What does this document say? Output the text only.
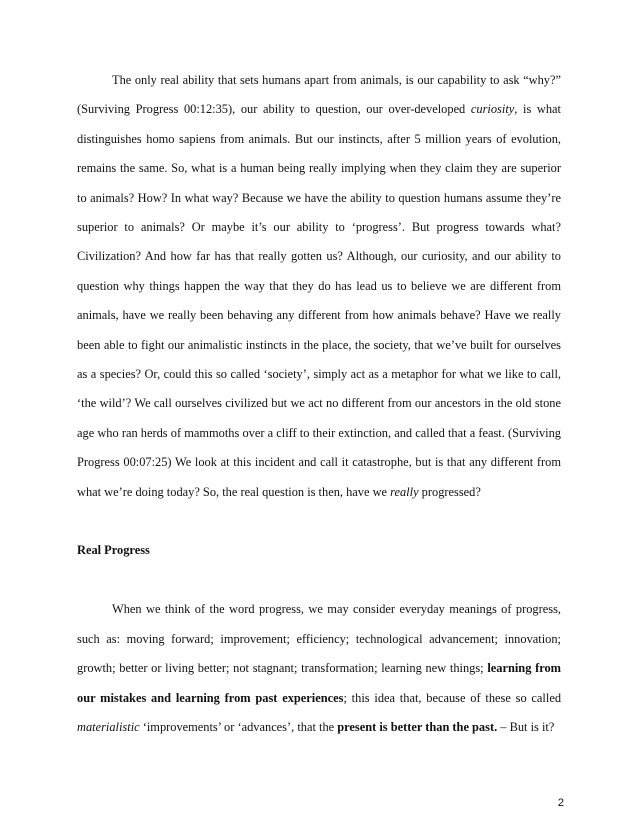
The only real ability that sets humans apart from animals, is our capability to ask “why?” (Surviving Progress 00:12:35), our ability to question, our over-developed curiosity, is what distinguishes homo sapiens from animals. But our instincts, after 5 million years of evolution, remains the same. So, what is a human being really implying when they claim they are superior to animals? How? In what way? Because we have the ability to question humans assume they’re superior to animals? Or maybe it’s our ability to ‘progress’. But progress towards what? Civilization? And how far has that really gotten us? Although, our curiosity, and our ability to question why things happen the way that they do has lead us to believe we are different from animals, have we really been behaving any different from how animals behave? Have we really been able to fight our animalistic instincts in the place, the society, that we’ve built for ourselves as a species? Or, could this so called ‘society’, simply act as a metaphor for what we like to call, ‘the wild’? We call ourselves civilized but we act no different from our ancestors in the old stone age who ran herds of mammoths over a cliff to their extinction, and called that a feast. (Surviving Progress 00:07:25) We look at this incident and call it catastrophe, but is that any different from what we’re doing today? So, the real question is then, have we really progressed?

Real Progress

When we think of the word progress, we may consider everyday meanings of progress, such as: moving forward; improvement; efficiency; technological advancement; innovation; growth; better or living better; not stagnant; transformation; learning new things; learning from our mistakes and learning from past experiences; this idea that, because of these so called materialistic ‘improvements’ or ‘advances’, that the present is better than the past. – But is it?

2
